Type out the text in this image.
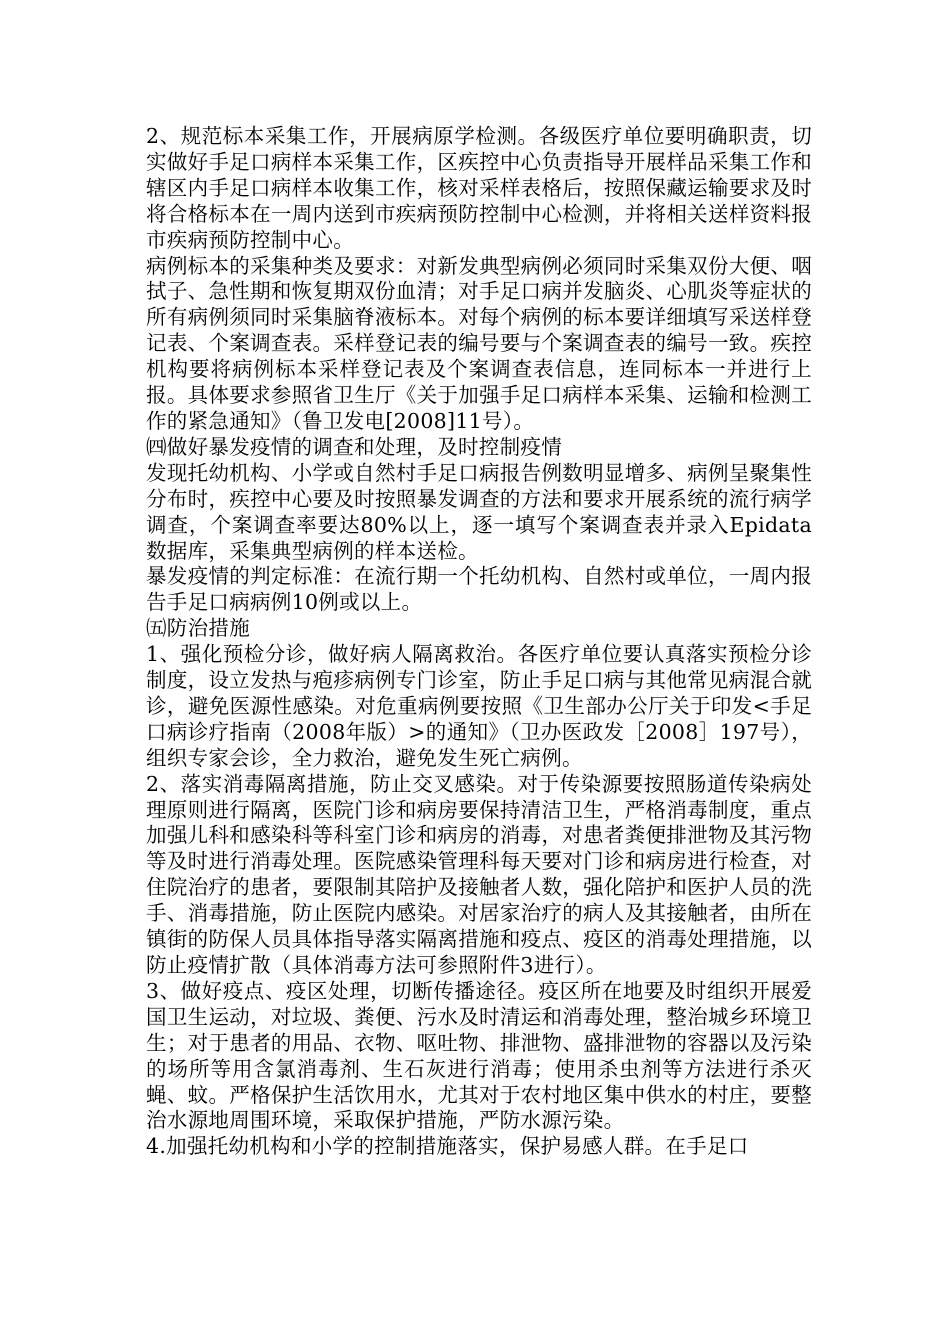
2、规范标本采集工作，开展病原学检测。各级医疗单位要明确职责，切实做好手足口病样本采集工作，区疾控中心负责指导开展样品采集工作和辖区内手足口病样本收集工作，核对采样表格后，按照保藏运输要求及时将合格标本在一周内送到市疾病预防控制中心检测，并将相关送样资料报市疾病预防控制中心。

病例标本的采集种类及要求：对新发典型病例必须同时采集双份大便、咽拭子、急性期和恢复期双份血清；对手足口病并发脑炎、心肌炎等症状的所有病例须同时采集脑脊液标本。对每个病例的标本要详细填写采送样登记表、个案调查表。采样登记表的编号要与个案调查表的编号一致。疾控机构要将病例标本采样登记表及个案调查表信息，连同标本一并进行上报。具体要求参照省卫生厅《关于加强手足口病样本采集、运输和检测工作的紧急通知》（鲁卫发电[2008]11号）。

㈣做好暴发疫情的调查和处理，及时控制疫情

发现托幼机构、小学或自然村手足口病报告例数明显增多、病例呈聚集性分布时，疾控中心要及时按照暴发调查的方法和要求开展系统的流行病学调查，个案调查率要达80%以上，逐一填写个案调查表并录入Epidata数据库，采集典型病例的样本送检。

暴发疫情的判定标准：在流行期一个托幼机构、自然村或单位，一周内报告手足口病病例10例或以上。

㈤防治措施

1、强化预检分诊，做好病人隔离救治。各医疗单位要认真落实预检分诊制度，设立发热与疱疹病例专门诊室，防止手足口病与其他常见病混合就诊，避免医源性感染。对危重病例要按照《卫生部办公厅关于印发<手足口病诊疗指南（2008年版）>的通知》（卫办医政发［2008］197号），组织专家会诊，全力救治，避免发生死亡病例。

2、落实消毒隔离措施，防止交叉感染。对于传染源要按照肠道传染病处理原则进行隔离，医院门诊和病房要保持清洁卫生，严格消毒制度，重点加强儿科和感染科等科室门诊和病房的消毒，对患者粪便排泄物及其污物等及时进行消毒处理。医院感染管理科每天要对门诊和病房进行检查，对住院治疗的患者，要限制其陪护及接触者人数，强化陪护和医护人员的洗手、消毒措施，防止医院内感染。对居家治疗的病人及其接触者，由所在镇街的防保人员具体指导落实隔离措施和疫点、疫区的消毒处理措施，以防止疫情扩散（具体消毒方法可参照附件3进行）。

3、做好疫点、疫区处理，切断传播途径。疫区所在地要及时组织开展爱国卫生运动，对垃圾、粪便、污水及时清运和消毒处理，整治城乡环境卫生；对于患者的用品、衣物、呕吐物、排泄物、盛排泄物的容器以及污染的场所等用含氯消毒剂、生石灰进行消毒；使用杀虫剂等方法进行杀灭蝇、蚊。严格保护生活饮用水，尤其对于农村地区集中供水的村庄，要整治水源地周围环境，采取保护措施，严防水源污染。

4.加强托幼机构和小学的控制措施落实，保护易感人群。在手足口
